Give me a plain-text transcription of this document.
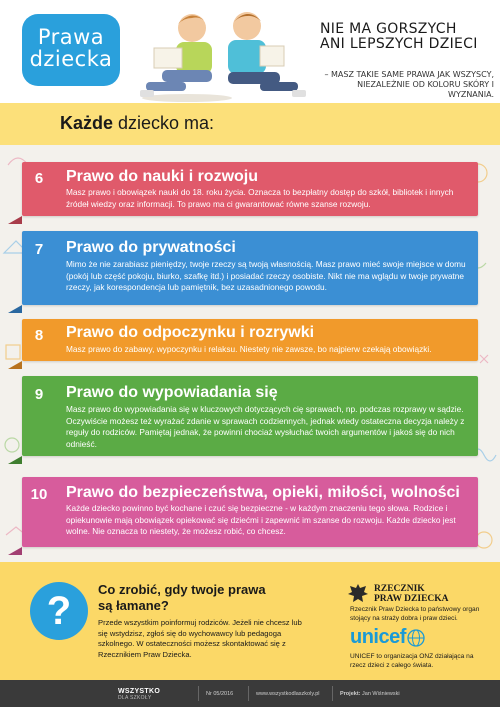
Prawa
dziecka
NIE MA GORSZYCH
ANI LEPSZYCH DZIECI
– MASZ TAKIE SAME PRAWA JAK WSZYSCY,
NIEZALEŻNIE OD KOLORU SKÓRY I WYZNANIA.
Każde dziecko ma:
6	Prawo do nauki i rozwoju
Masz prawo i obowiązek nauki do 18. roku życia. Oznacza to bezpłatny dostęp do szkół, bibliotek i innych źródeł wiedzy oraz informacji. To prawo ma ci gwarantować równe szanse rozwoju.
7	Prawo do prywatności
Mimo że nie zarabiasz pieniędzy, twoje rzeczy są twoją własnością. Masz prawo mieć swoje miejsce w domu (pokój lub część pokoju, biurko, szafkę itd.) i posiadać rzeczy osobiste. Nikt nie ma wglądu w twoje prywatne rzeczy, jak korespondencja lub pamiętnik, bez uzasadnionego powodu.
8	Prawo do odpoczynku i rozrywki
Masz prawo do zabawy, wypoczynku i relaksu. Niestety nie zawsze, bo najpierw czekają obowiązki.
9	Prawo do wypowiadania się
Masz prawo do wypowiadania się w kluczowych dotyczących cię sprawach, np. podczas rozprawy w sądzie. Oczywiście możesz też wyrażać zdanie w sprawach codziennych, jednak wtedy ostateczna decyzja należy z reguły do rodziców. Pamiętaj jednak, że powinni chociaż wysłuchać twoich argumentów i jakoś się do nich odnieść.
10	Prawo do bezpieczeństwa, opieki, miłości, wolności
Każde dziecko powinno być kochane i czuć się bezpieczne - w każdym znaczeniu tego słowa. Rodzice i opiekunowie mają obowiązek opiekować się dziećmi i zapewnić im szanse do rozwoju. Każde dziecko jest wolne. Nie oznacza to niestety, że możesz robić, co chcesz.
?	Co zrobić, gdy twoje prawa są łamane?
Przede wszystkim poinformuj rodziców. Jeżeli nie chcesz lub się wstydzisz, zgłoś się do wychowawcy lub pedagoga szkolnego. W ostateczności możesz skontaktować się z Rzecznikiem Praw Dziecka.
RZECZNIK
PRAW DZIECKA
Rzecznik Praw Dziecka to państwowy organ stojący na straży dobra i praw dzieci.
unicef
UNICEF to organizacja ONZ działająca na rzecz dzieci z całego świata.
WSZYSTKO
DLA SZKOŁY
Nr 05/2016	www.wszystkodlaszkoly.pl	Projekt: Jan Wiśniewski
